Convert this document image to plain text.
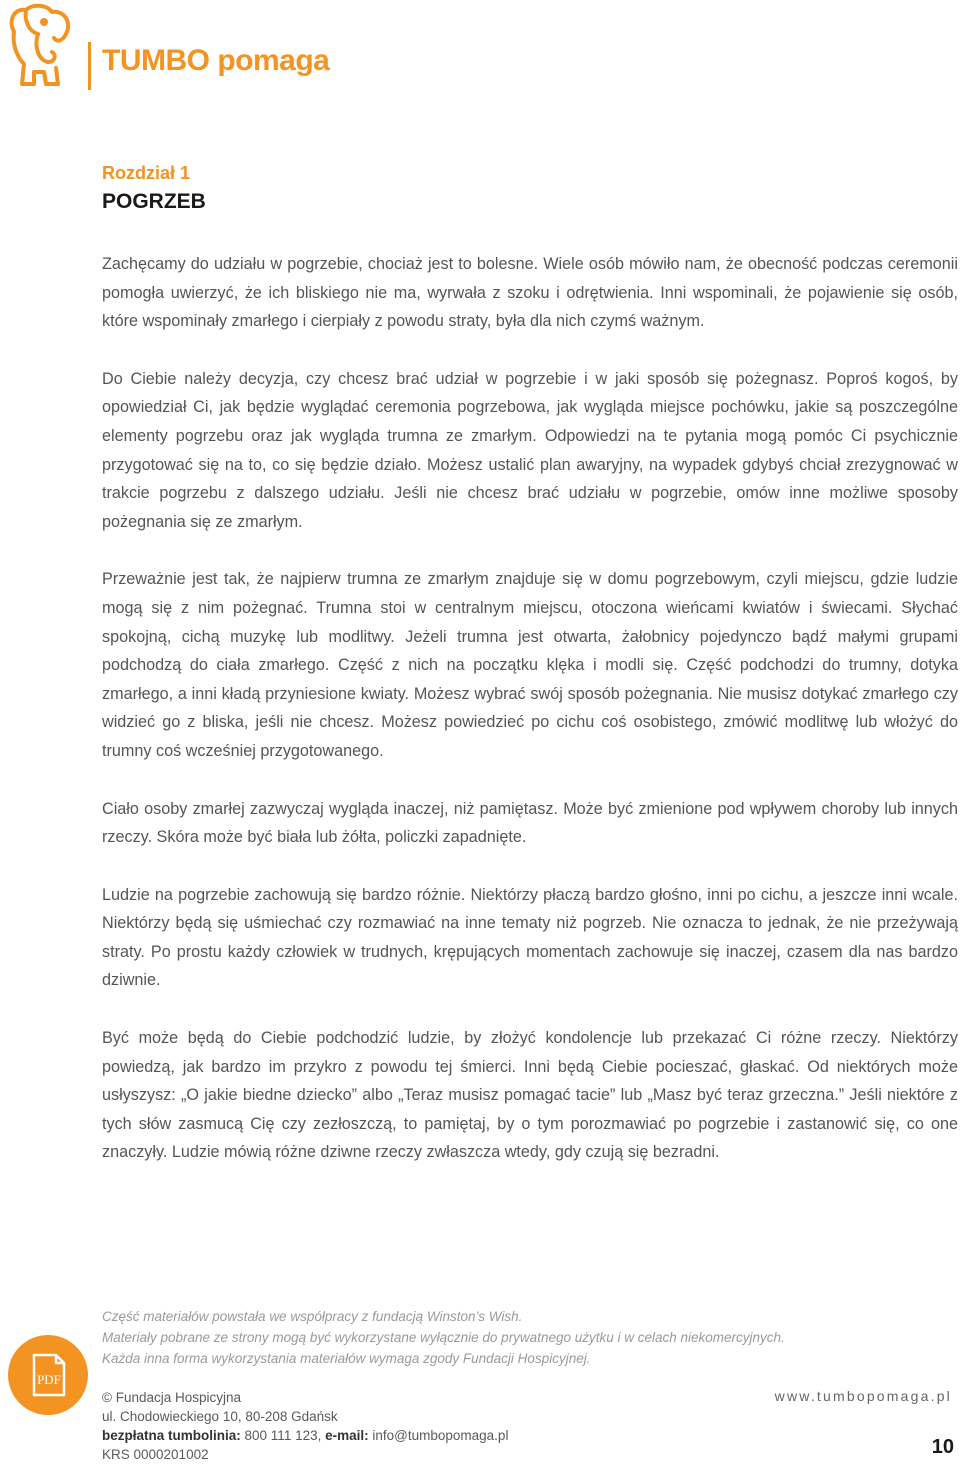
TUMBO pomaga
Rozdział 1
POGRZEB

Zachęcamy do udziału w pogrzebie, chociaż jest to bolesne. Wiele osób mówiło nam, że obecność podczas ceremonii pomogła uwierzyć, że ich bliskiego nie ma, wyrwała z szoku i odrętwienia. Inni wspominali, że pojawienie się osób, które wspominały zmarłego i cierpiały z powodu straty, była dla nich czymś ważnym.

Do Ciebie należy decyzja, czy chcesz brać udział w pogrzebie i w jaki sposób się pożegnasz. Poproś kogoś, by opowiedział Ci, jak będzie wyglądać ceremonia pogrzebowa, jak wygląda miejsce pochówku, jakie są poszczególne elementy pogrzebu oraz jak wygląda trumna ze zmarłym. Odpowiedzi na te pytania mogą pomóc Ci psychicznie przygotować się na to, co się będzie działo. Możesz ustalić plan awaryjny, na wypadek gdybyś chciał zrezygnować w trakcie pogrzebu z dalszego udziału. Jeśli nie chcesz brać udziału w pogrzebie, omów inne możliwe sposoby pożegnania się ze zmarłym.

Przeważnie jest tak, że najpierw trumna ze zmarłym znajduje się w domu pogrzebowym, czyli miejscu, gdzie ludzie mogą się z nim pożegnać. Trumna stoi w centralnym miejscu, otoczona wieńcami kwiatów i świecami. Słychać spokojną, cichą muzykę lub modlitwy. Jeżeli trumna jest otwarta, żałobnicy pojedynczo bądź małymi grupami podchodzą do ciała zmarłego. Część z nich na początku klęka i modli się. Część podchodzi do trumny, dotyka zmarłego, a inni kładą przyniesione kwiaty. Możesz wybrać swój sposób pożegnania. Nie musisz dotykać zmarłego czy widzieć go z bliska, jeśli nie chcesz. Możesz powiedzieć po cichu coś osobistego, zmówić modlitwę lub włożyć do trumny coś wcześniej przygotowanego.

Ciało osoby zmarłej zazwyczaj wygląda inaczej, niż pamiętasz. Może być zmienione pod wpływem choroby lub innych rzeczy. Skóra może być biała lub żółta, policzki zapadnięte.

Ludzie na pogrzebie zachowują się bardzo różnie. Niektórzy płaczą bardzo głośno, inni po cichu, a jeszcze inni wcale. Niektórzy będą się uśmiechać czy rozmawiać na inne tematy niż pogrzeb. Nie oznacza to jednak, że nie przeżywają straty. Po prostu każdy człowiek w trudnych, krępujących momentach zachowuje się inaczej, czasem dla nas bardzo dziwnie.

Być może będą do Ciebie podchodzić ludzie, by złożyć kondolencje lub przekazać Ci różne rzeczy. Niektórzy powiedzą, jak bardzo im przykro z powodu tej śmierci. Inni będą Ciebie pocieszać, głaskać. Od niektórych może usłyszysz: „O jakie biedne dziecko” albo „Teraz musisz pomagać tacie” lub „Masz być teraz grzeczna.” Jeśli niektóre z tych słów zasmucą Cię czy zezłoszczą, to pamiętaj, by o tym porozmawiać po pogrzebie i zastanowić się, co one znaczyły. Ludzie mówią różne dziwne rzeczy zwłaszcza wtedy, gdy czują się bezradni.

Część materiałów powstała we współpracy z fundacją Winston’s Wish.
Materiały pobrane ze strony mogą być wykorzystane wyłącznie do prywatnego użytku i w celach niekomercyjnych.
Każda inna forma wykorzystania materiałów wymaga zgody Fundacji Hospicyjnej.
PDF
© Fundacja Hospicyjna
ul. Chodowieckiego 10, 80-208 Gdańsk
bezpłatna tumbolinia: 800 111 123, e-mail: info@tumbopomaga.pl
KRS 0000201002
www.tumbopomaga.pl
10
